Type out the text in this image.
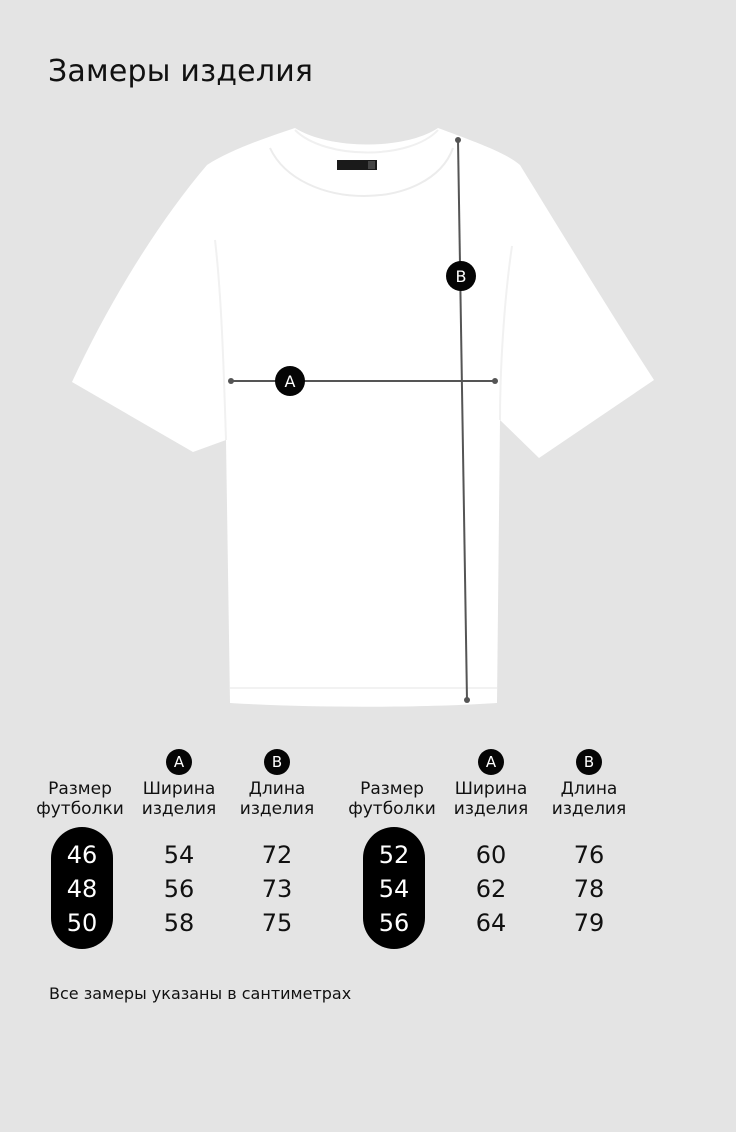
Замеры изделия
A
B
Размер
футболки
46
48
50
A
Ширина
изделия
54
56
58
B
Длина
изделия
72
73
75
Размер
футболки
52
54
56
A
Ширина
изделия
60
62
64
B
Длина
изделия
76
78
79
Все замеры указаны в сантиметрах
